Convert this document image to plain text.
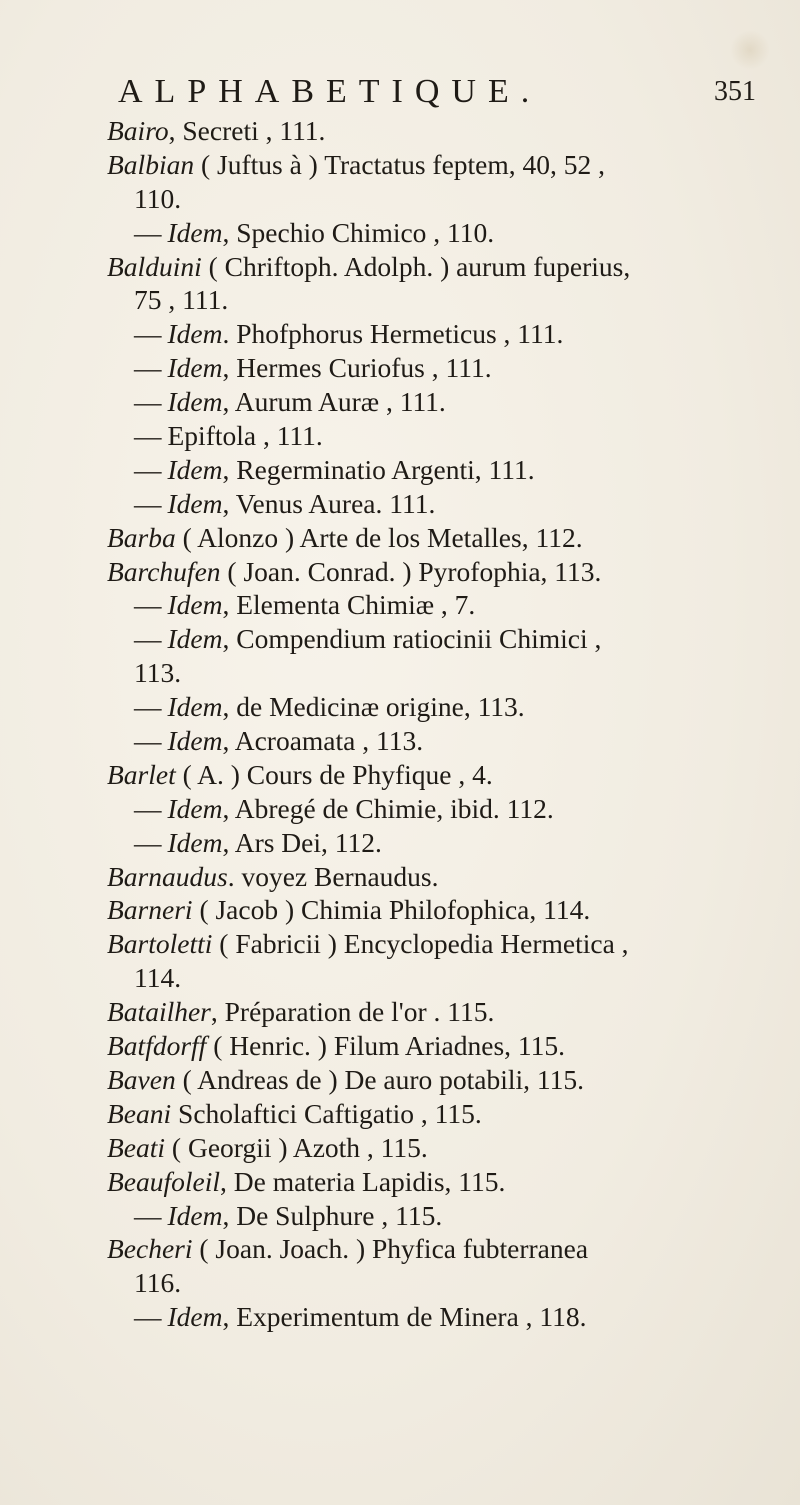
ALPHABETIQUE.	351
Bairo, Secreti , 111.
Balbian ( Juftus à ) Tractatus feptem, 40, 52 ,
110.
— Idem, Spechio Chimico , 110.
Balduini ( Chriftoph. Adolph. ) aurum fuperius,
75 , 111.
— Idem. Phofphorus Hermeticus , 111.
— Idem, Hermes Curiofus , 111.
— Idem, Aurum Auræ , 111.
— Epiftola , 111.
— Idem, Regerminatio Argenti, 111.
— Idem, Venus Aurea. 111.
Barba ( Alonzo ) Arte de los Metalles, 112.
Barchufen ( Joan. Conrad. ) Pyrofophia, 113.
— Idem, Elementa Chimiæ , 7.
— Idem, Compendium ratiocinii Chimici ,
113.
— Idem, de Medicinæ origine, 113.
— Idem, Acroamata , 113.
Barlet ( A. ) Cours de Phyfique , 4.
— Idem, Abregé de Chimie, ibid. 112.
— Idem, Ars Dei, 112.
Barnaudus. voyez Bernaudus.
Barneri ( Jacob ) Chimia Philofophica, 114.
Bartoletti ( Fabricii ) Encyclopedia Hermetica ,
114.
Batailher, Préparation de l'or . 115.
Batfdorff ( Henric. ) Filum Ariadnes, 115.
Baven ( Andreas de ) De auro potabili, 115.
Beani Scholaftici Caftigatio , 115.
Beati ( Georgii ) Azoth , 115.
Beaufoleil, De materia Lapidis, 115.
— Idem, De Sulphure , 115.
Becheri ( Joan. Joach. ) Phyfica fubterranea
116.
— Idem, Experimentum de Minera , 118.
